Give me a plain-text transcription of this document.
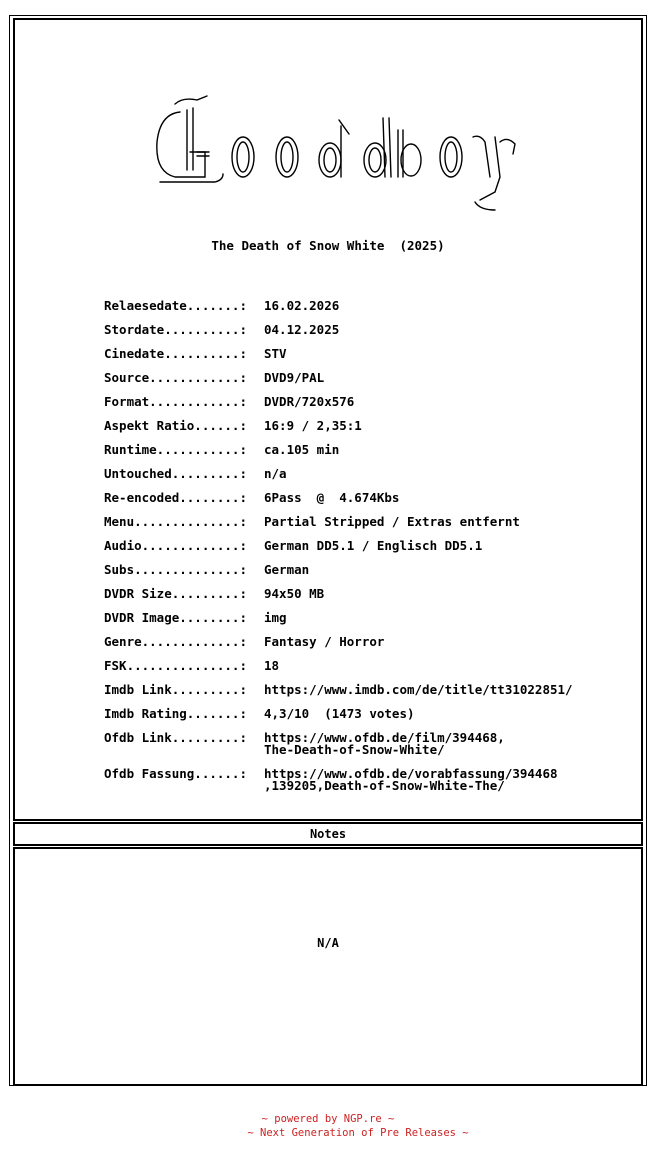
The Death of Snow White  (2025)
Relaesedate.......:	16.02.2026
Stordate..........:	04.12.2025
Cinedate..........:	STV
Source............:	DVD9/PAL
Format............:	DVDR/720x576
Aspekt Ratio......:	16:9 / 2,35:1
Runtime...........:	ca.105 min
Untouched.........:	n/a
Re-encoded........:	6Pass  @  4.674Kbs
Menu..............:	Partial Stripped / Extras entfernt
Audio.............:	German DD5.1 / Englisch DD5.1
Subs..............:	German
DVDR Size.........:	94x50 MB
DVDR Image........:	img
Genre.............:	Fantasy / Horror
FSK...............:	18
Imdb Link.........:	https://www.imdb.com/de/title/tt31022851/
Imdb Rating.......:	4,3/10  (1473 votes)
Ofdb Link.........:	https://www.ofdb.de/film/394468,
The-Death-of-Snow-White/
Ofdb Fassung......:	https://www.ofdb.de/vorabfassung/394468
,139205,Death-of-Snow-White-The/
Notes
N/A
~ powered by NGP.re ~
~ Next Generation of Pre Releases ~
